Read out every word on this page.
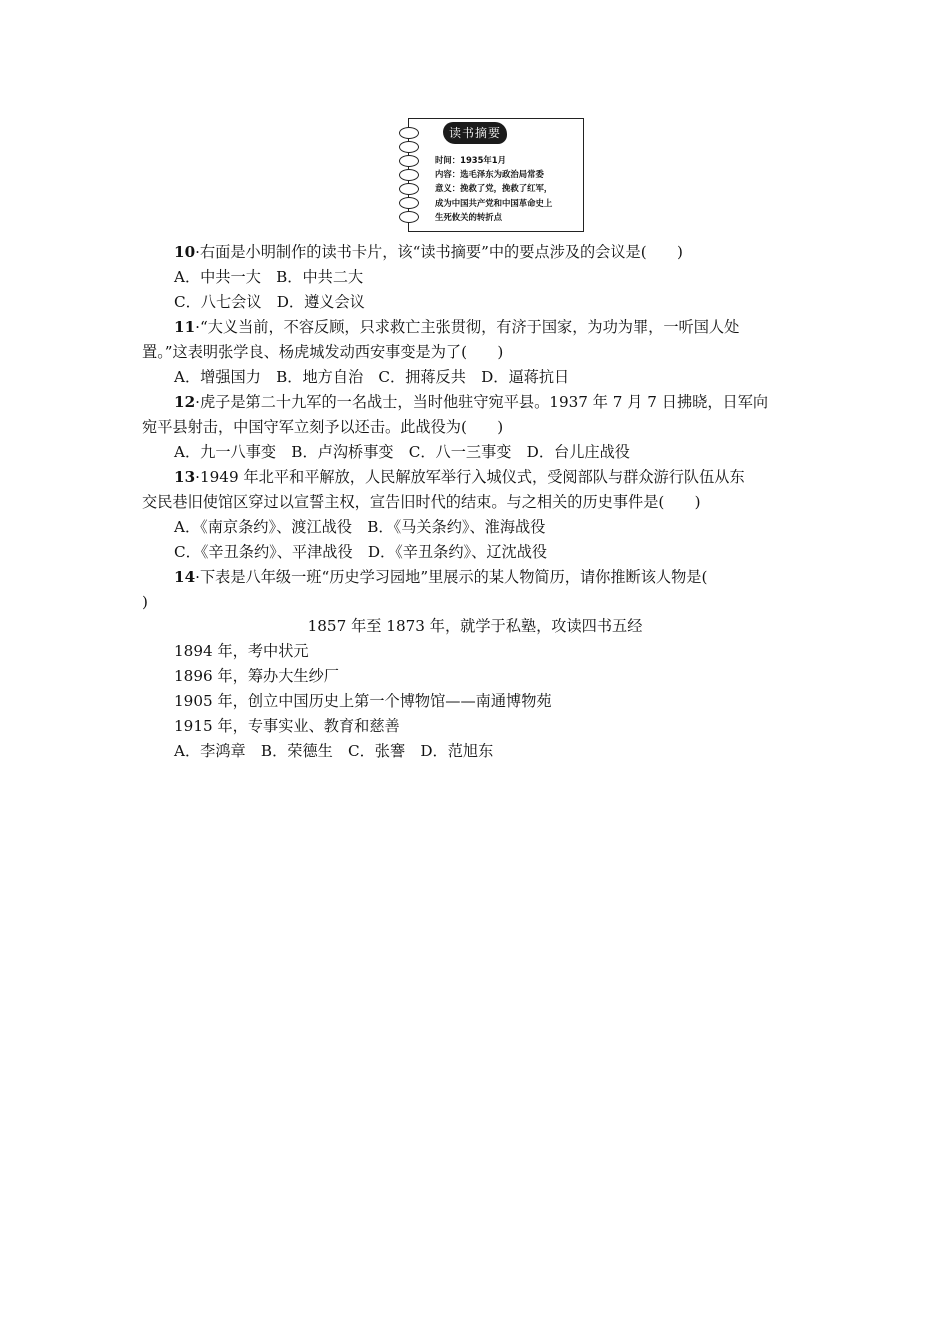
读书摘要
时间：1935年1月
内容：选毛泽东为政治局常委
意义：挽救了党，挽救了红军，
成为中国共产党和中国革命史上
生死攸关的转折点
10·右面是小明制作的读书卡片，该“读书摘要”中的要点涉及的会议是(　　)
A．中共一大　B．中共二大
C．八七会议　D．遵义会议
11·“大义当前，不容反顾，只求救亡主张贯彻，有济于国家，为功为罪，一听国人处
置。”这表明张学良、杨虎城发动西安事变是为了(　　)
A．增强国力　B．地方自治　C．拥蒋反共　D．逼蒋抗日
12·虎子是第二十九军的一名战士，当时他驻守宛平县。1937 年 7 月 7 日拂晓，日军向
宛平县射击，中国守军立刻予以还击。此战役为(　　)
A．九一八事变　B．卢沟桥事变　C．八一三事变　D．台儿庄战役
13·1949 年北平和平解放，人民解放军举行入城仪式，受阅部队与群众游行队伍从东
交民巷旧使馆区穿过以宣誓主权，宣告旧时代的结束。与之相关的历史事件是(　　)
A．《南京条约》、渡江战役　B．《马关条约》、淮海战役
C．《辛丑条约》、平津战役　D．《辛丑条约》、辽沈战役
14·下表是八年级一班“历史学习园地”里展示的某人物简历，请你推断该人物是(
)
1857 年至 1873 年，就学于私塾，攻读四书五经
1894 年，考中状元
1896 年，筹办大生纱厂
1905 年，创立中国历史上第一个博物馆——南通博物苑
1915 年，专事实业、教育和慈善
A．李鸿章　B．荣德生　C．张謇　D．范旭东
